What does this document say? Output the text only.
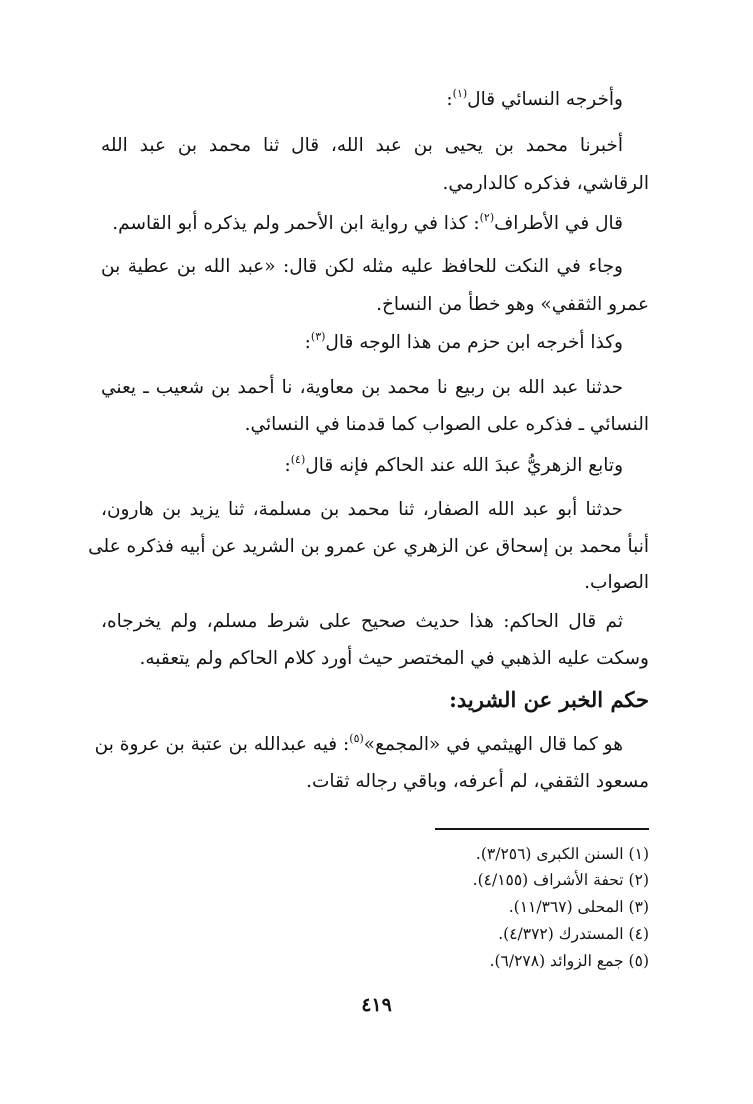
وأخرجه النسائي قال$^{(١)}$:

أخبرنا محمد بن يحيى بن عبد الله، قال ثنا محمد بن عبد الله

الرقاشي، فذكره كالدارمي.

قال في الأطراف$^{(٢)}$: كذا في رواية ابن الأحمر ولم يذكره أبو القاسم.

وجاء في النكت للحافظ عليه مثله لكن قال: «عبد الله بن عطية بن

عمرو الثقفي» وهو خطأ من النساخ.

وكذا أخرجه ابن حزم من هذا الوجه قال$^{(٣)}$:

حدثنا عبد الله بن ربيع نا محمد بن معاوية، نا أحمد بن شعيب ـ يعني

النسائي ـ فذكره على الصواب كما قدمنا في النسائي.

وتابع الزهريُّ عبدَ الله عند الحاكم فإنه قال$^{(٤)}$:

حدثنا أبو عبد الله الصفار، ثنا محمد بن مسلمة، ثنا يزيد بن هارون،

أنبأ محمد بن إسحاق عن الزهري عن عمرو بن الشريد عن أبيه فذكره على

الصواب.

ثم قال الحاكم: هذا حديث صحيح على شرط مسلم، ولم يخرجاه،

وسكت عليه الذهبي في المختصر حيث أورد كلام الحاكم ولم يتعقبه.

حكم الخبر عن الشريد:

هو كما قال الهيثمي في «المجمع»$^{(٥)}$: فيه عبدالله بن عتبة بن عروة بن

مسعود الثقفي، لم أعرفه، وباقي رجاله ثقات.

(١) السنن الكبرى (٣/٢٥٦).

(٢) تحفة الأشراف (٤/١٥٥).

(٣) المحلى (١١/٣٦٧).

(٤) المستدرك (٤/٣٧٢).

(٥) جمع الزوائد (٦/٢٧٨).

٤١٩
